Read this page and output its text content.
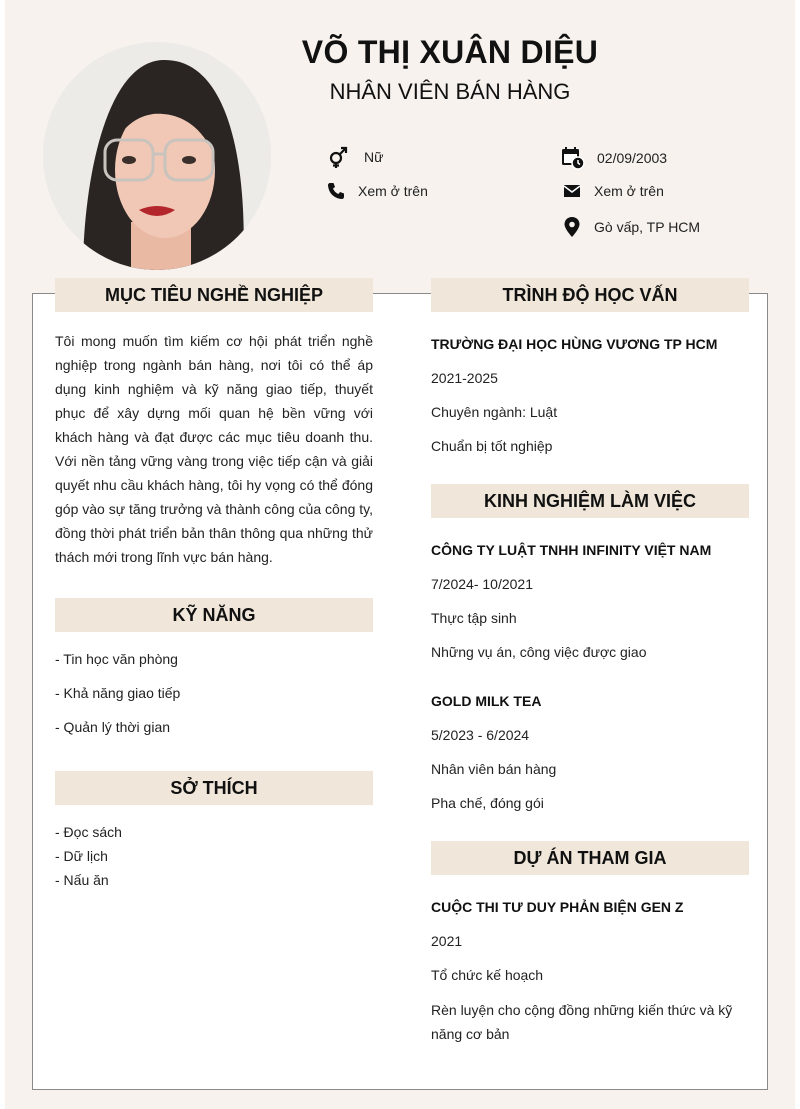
VÕ THỊ XUÂN DIỆU
NHÂN VIÊN BÁN HÀNG
Nữ	02/09/2003
Xem ở trên	Xem ở trên
Gò vấp, TP HCM
MỤC TIÊU NGHỀ NGHIỆP
Tôi mong muốn tìm kiếm cơ hội phát triển nghề nghiệp trong ngành bán hàng, nơi tôi có thể áp dụng kinh nghiệm và kỹ năng giao tiếp, thuyết phục để xây dựng mối quan hệ bền vững với khách hàng và đạt được các mục tiêu doanh thu. Với nền tảng vững vàng trong việc tiếp cận và giải quyết nhu cầu khách hàng, tôi hy vọng có thể đóng góp vào sự tăng trưởng và thành công của công ty, đồng thời phát triển bản thân thông qua những thử thách mới trong lĩnh vực bán hàng.
KỸ NĂNG
- Tin học văn phòng
- Khả năng giao tiếp
- Quản lý thời gian
SỞ THÍCH
- Đọc sách
- Dữ lịch
- Nấu ăn
TRÌNH ĐỘ HỌC VẤN
TRƯỜNG ĐẠI HỌC HÙNG VƯƠNG TP HCM
2021-2025
Chuyên ngành: Luật
Chuẩn bị tốt nghiệp
KINH NGHIỆM LÀM VIỆC
CÔNG TY LUẬT TNHH INFINITY VIỆT NAM
7/2024- 10/2021
Thực tập sinh
Những vụ án, công việc được giao
GOLD MILK TEA
5/2023 - 6/2024
Nhân viên bán hàng
Pha chế, đóng gói
DỰ ÁN THAM GIA
CUỘC THI TƯ DUY PHẢN BIỆN GEN Z
2021
Tổ chức kế hoạch
Rèn luyện cho cộng đồng những kiến thức và kỹ năng cơ bản
